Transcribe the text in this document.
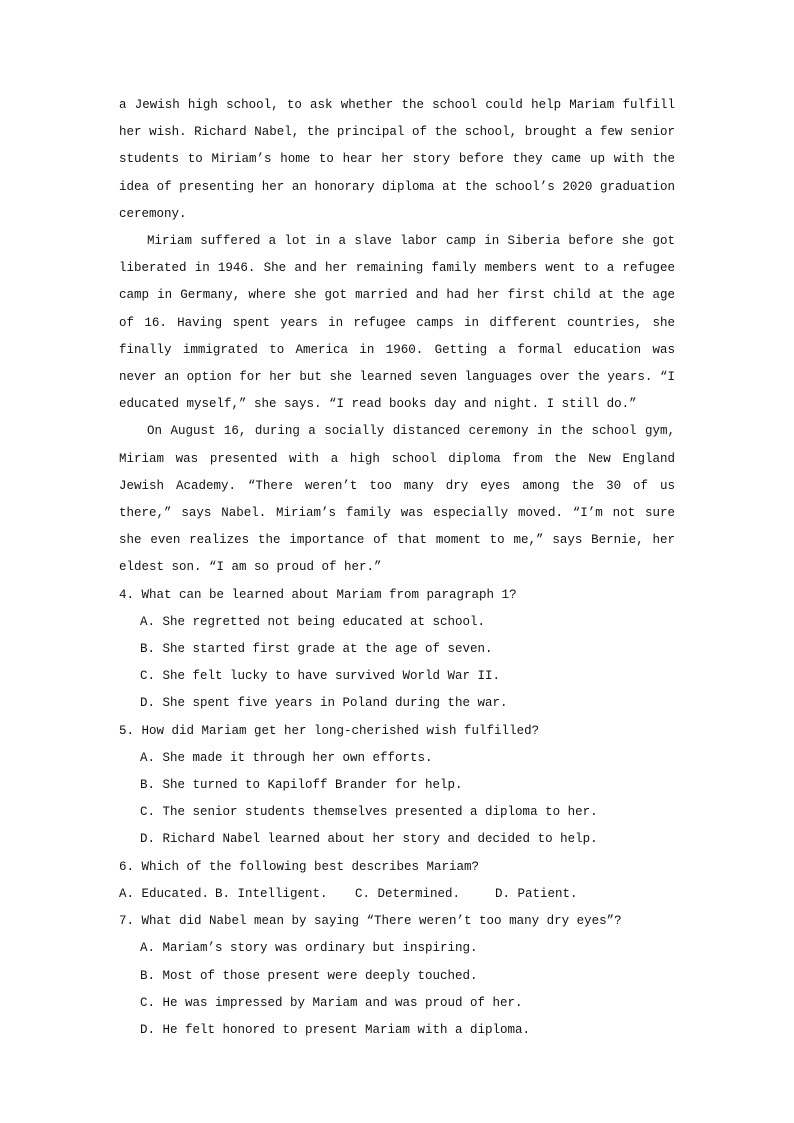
a Jewish high school, to ask whether the school could help Mariam fulfill her wish. Richard Nabel, the principal of the school, brought a few senior students to Miriam’s home to hear her story before they came up with the idea of presenting her an honorary diploma at the school’s 2020 graduation ceremony.

Miriam suffered a lot in a slave labor camp in Siberia before she got liberated in 1946. She and her remaining family members went to a refugee camp in Germany, where she got married and had her first child at the age of 16. Having spent years in refugee camps in different countries, she finally immigrated to America in 1960. Getting a formal education was never an option for her but she learned seven languages over the years. “I educated myself,” she says. “I read books day and night. I still do.”

On August 16, during a socially distanced ceremony in the school gym, Miriam was presented with a high school diploma from the New England Jewish Academy. “There weren’t too many dry eyes among the 30 of us there,” says Nabel. Miriam’s family was especially moved. “I’m not sure she even realizes the importance of that moment to me,” says Bernie, her eldest son. “I am so proud of her.”

4. What can be learned about Mariam from paragraph 1?

A. She regretted not being educated at school.

B. She started first grade at the age of seven.

C. She felt lucky to have survived World War II.

D. She spent five years in Poland during the war.

5. How did Mariam get her long-cherished wish fulfilled?

A. She made it through her own efforts.

B. She turned to Kapiloff Brander for help.

C. The senior students themselves presented a diploma to her.

D. Richard Nabel learned about her story and decided to help.

6. Which of the following best describes Mariam?

A. Educated. B. Intelligent.	C. Determined.	D. Patient.

7. What did Nabel mean by saying “There weren’t too many dry eyes”?

A. Mariam’s story was ordinary but inspiring.

B. Most of those present were deeply touched.

C. He was impressed by Mariam and was proud of her.

D. He felt honored to present Mariam with a diploma.
